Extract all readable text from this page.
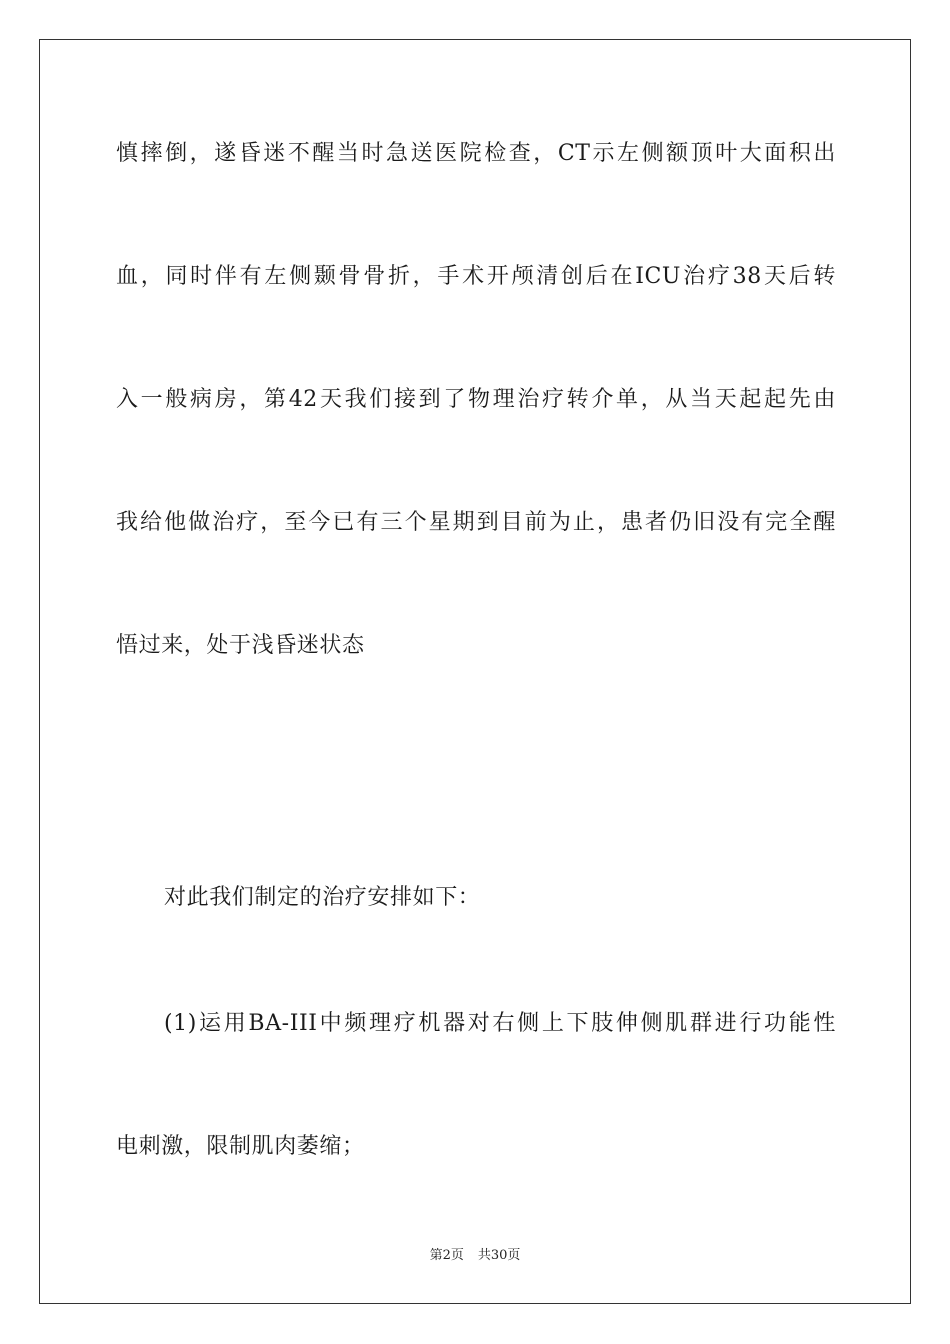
慎摔倒，遂昏迷不醒当时急送医院检查，CT示左侧额顶叶大面积出
血，同时伴有左侧颞骨骨折，手术开颅清创后在ICU治疗38天后转
入一般病房，第42天我们接到了物理治疗转介单，从当天起起先由
我给他做治疗，至今已有三个星期到目前为止，患者仍旧没有完全醒
悟过来，处于浅昏迷状态
对此我们制定的治疗安排如下：
(1)运用BA-III中频理疗机器对右侧上下肢伸侧肌群进行功能性
电刺激，限制肌肉萎缩；
第2页 共30页
